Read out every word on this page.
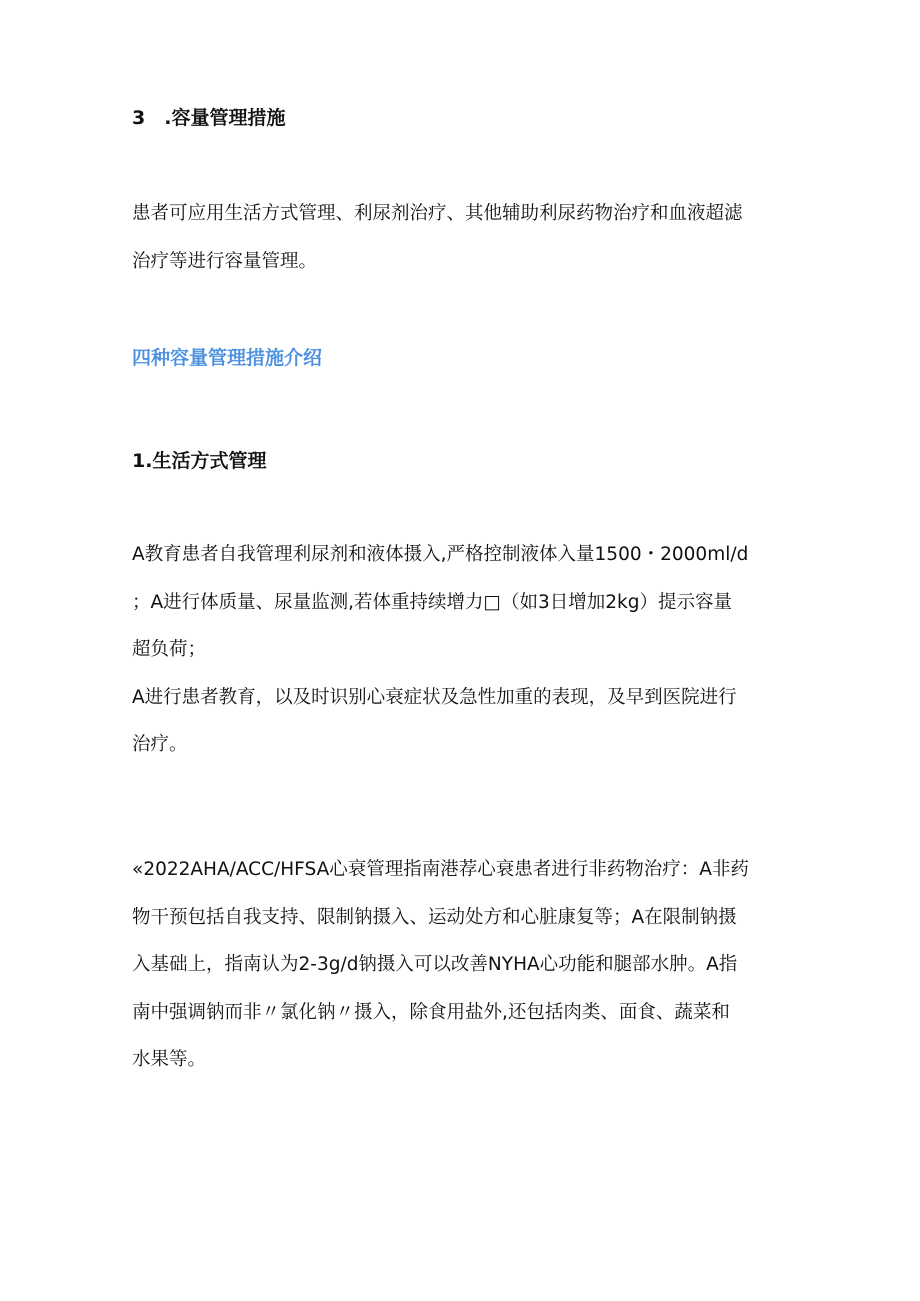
3　.容量管理措施

患者可应用生活方式管理、利尿剂治疗、其他辅助利尿药物治疗和血液超滤
治疗等进行容量管理。

四种容量管理措施介绍
1.生活方式管理

A教育患者自我管理利尿剂和液体摄入,严格控制液体入量1500・2000ml∕d
；A进行体质量、尿量监测,若体重持续增力□（如3日增加2kg）提示容量
超负荷；
A进行患者教育，以及时识别心衰症状及急性加重的表现，及早到医院进行
治疗。

«2022AHA∕ACC∕HFSA心衰管理指南港荐心衰患者进行非药物治疗：A非药
物干预包括自我支持、限制钠摄入、运动处方和心脏康复等；A在限制钠摄
入基础上，指南认为2-3g∕d钠摄入可以改善NYHA心功能和腿部水肿。A指
南中强调钠而非〃氯化钠〃摄入，除食用盐外,还包括肉类、面食、蔬菜和
水果等。
